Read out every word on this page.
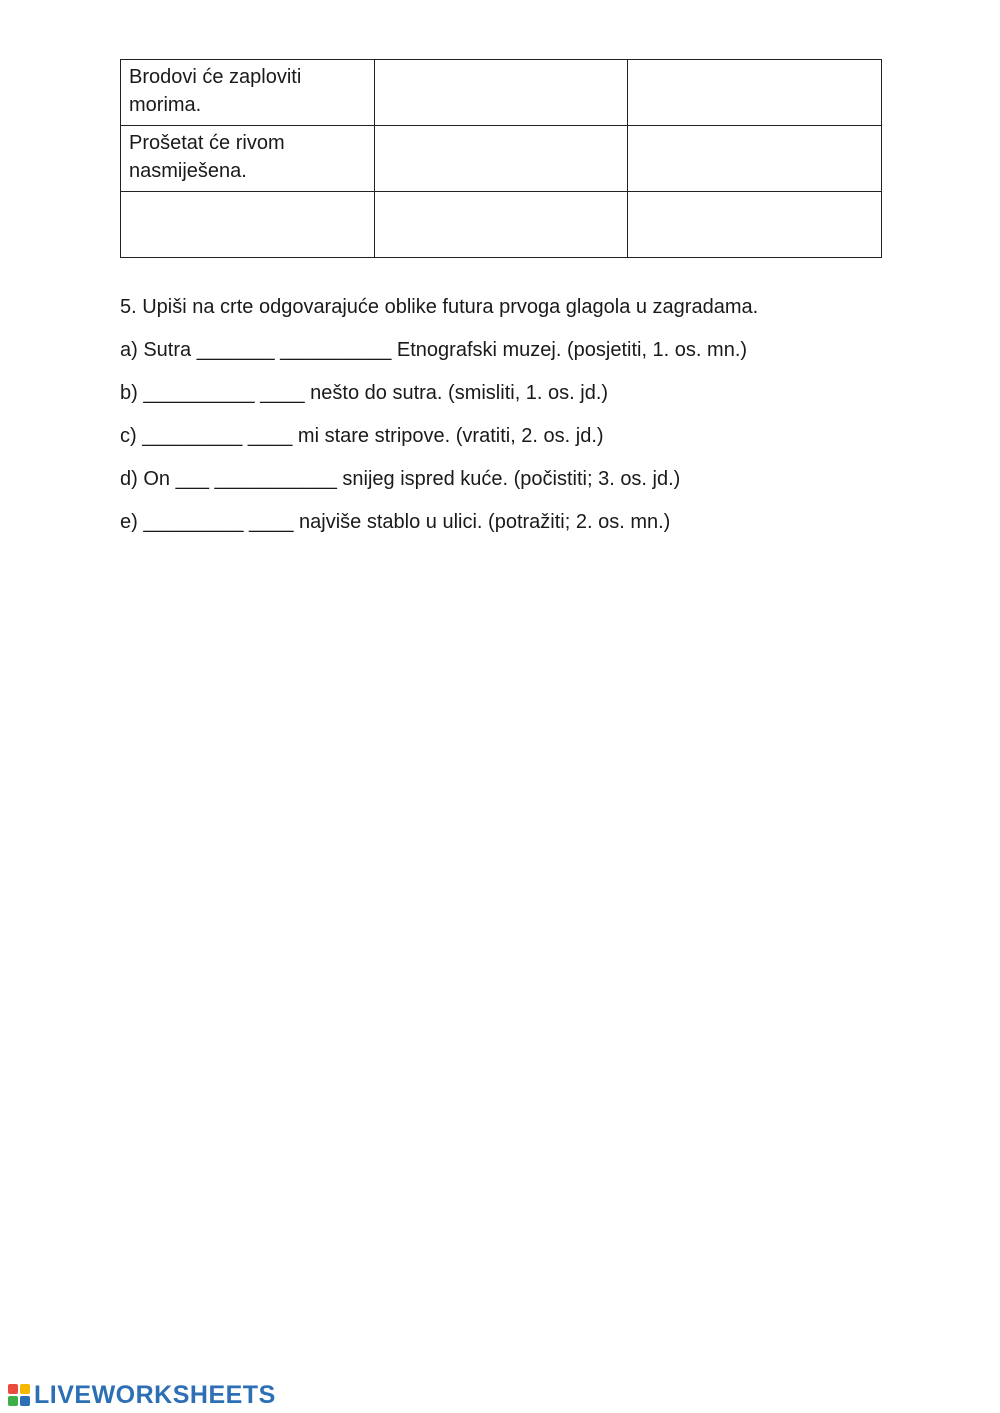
Brodovi će zaploviti morima.		

Prošetat će rivom nasmiješena.		

5. Upiši na crte odgovarajuće oblike futura prvoga glagola u zagradama.
a) Sutra _______ __________ Etnografski muzej. (posjetiti, 1. os. mn.)
b) __________ ____ nešto do sutra. (smisliti, 1. os. jd.)
c) _________ ____ mi stare stripove. (vratiti, 2. os. jd.)
d) On ___ ___________ snijeg ispred kuće. (počistiti; 3. os. jd.)
e) _________ ____ najviše stablo u ulici. (potražiti; 2. os. mn.)
LIVEWORKSHEETS
